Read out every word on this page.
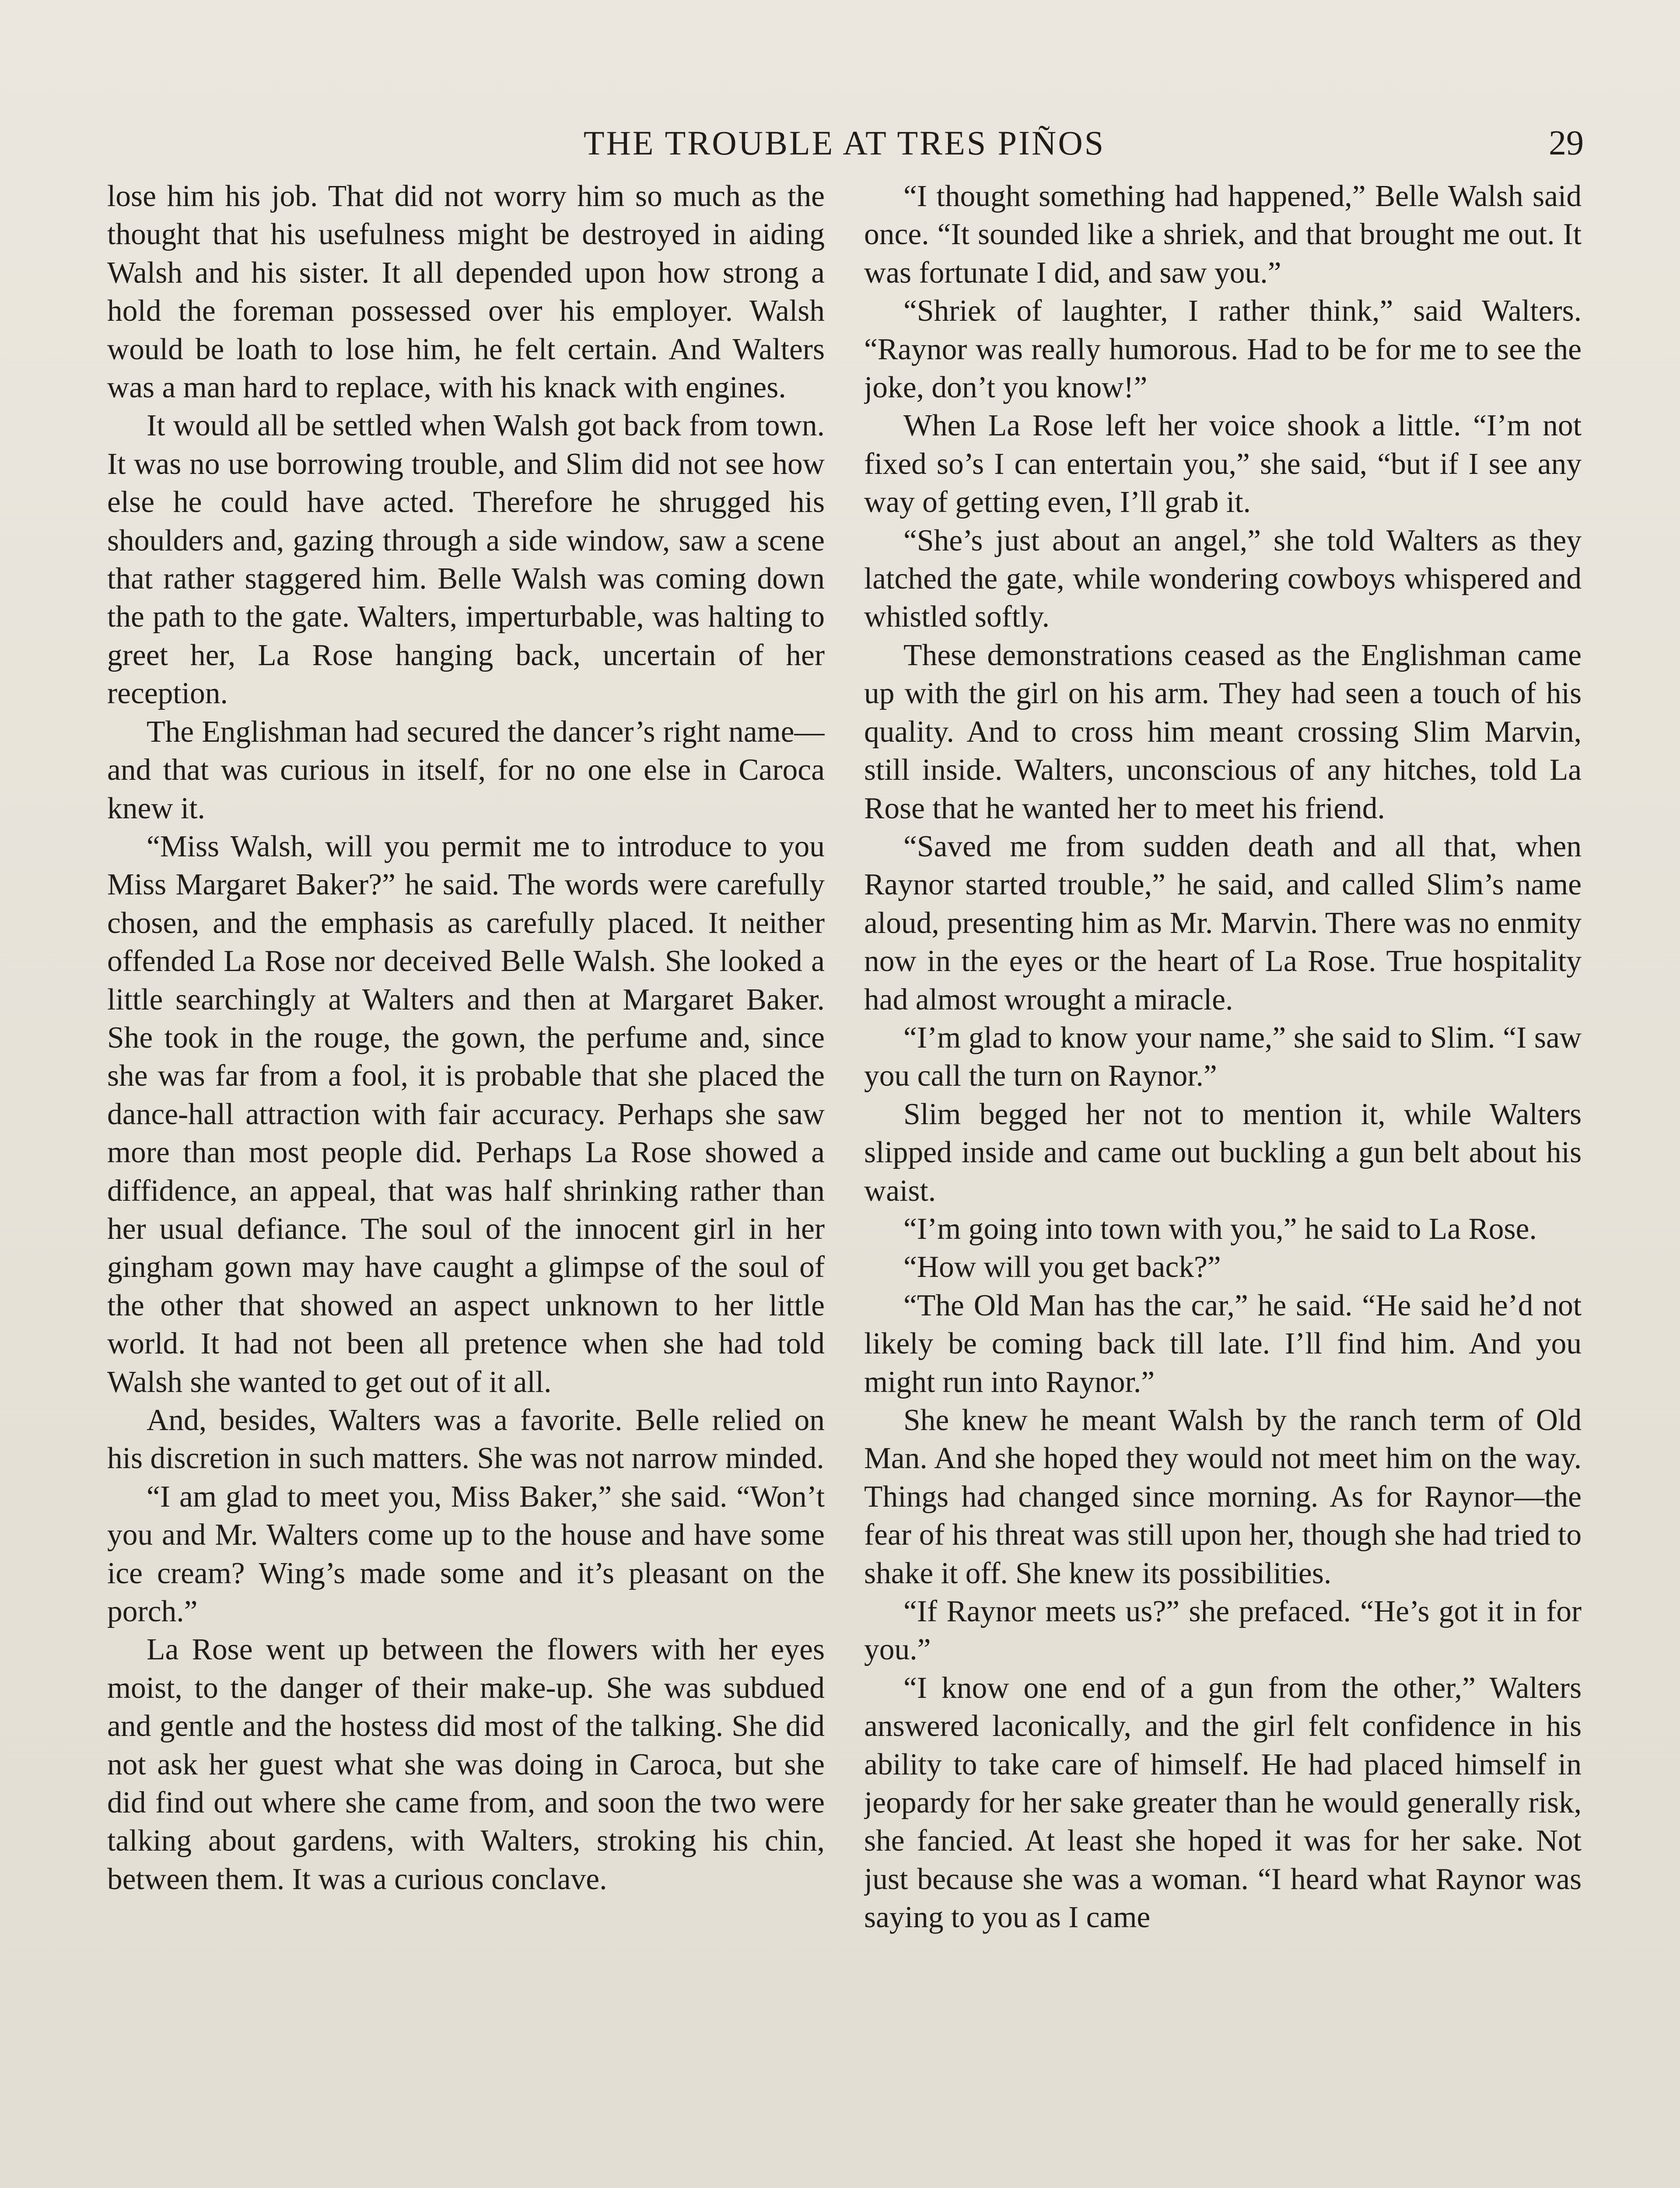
THE TROUBLE AT TRES PIÑOS	29

lose him his job. That did not worry him so much as the thought that his usefulness might be destroyed in aiding Walsh and his sister. It all depended upon how strong a hold the foreman possessed over his employer. Walsh would be loath to lose him, he felt certain. And Walters was a man hard to replace, with his knack with engines.

It would all be settled when Walsh got back from town. It was no use borrowing trouble, and Slim did not see how else he could have acted. Therefore he shrugged his shoulders and, gazing through a side window, saw a scene that rather staggered him. Belle Walsh was coming down the path to the gate. Walters, imperturbable, was halting to greet her, La Rose hanging back, uncertain of her reception.

The Englishman had secured the dancer’s right name—and that was curious in itself, for no one else in Caroca knew it.

“Miss Walsh, will you permit me to introduce to you Miss Margaret Baker?” he said. The words were carefully chosen, and the emphasis as carefully placed. It neither offended La Rose nor deceived Belle Walsh. She looked a little searchingly at Walters and then at Margaret Baker. She took in the rouge, the gown, the perfume and, since she was far from a fool, it is probable that she placed the dance-hall attraction with fair accuracy. Perhaps she saw more than most people did. Perhaps La Rose showed a diffidence, an appeal, that was half shrinking rather than her usual defiance. The soul of the innocent girl in her gingham gown may have caught a glimpse of the soul of the other that showed an aspect unknown to her little world. It had not been all pretence when she had told Walsh she wanted to get out of it all.

And, besides, Walters was a favorite. Belle relied on his discretion in such matters. She was not narrow minded.

“I am glad to meet you, Miss Baker,” she said. “Won’t you and Mr. Walters come up to the house and have some ice cream? Wing’s made some and it’s pleasant on the porch.”

La Rose went up between the flowers with her eyes moist, to the danger of their make-up. She was subdued and gentle and the hostess did most of the talking. She did not ask her guest what she was doing in Caroca, but she did find out where she came from, and soon the two were talking about gardens, with Walters, stroking his chin, between them. It was a curious conclave.

“I thought something had happened,” Belle Walsh said once. “It sounded like a shriek, and that brought me out. It was fortunate I did, and saw you.”

“Shriek of laughter, I rather think,” said Walters. “Raynor was really humorous. Had to be for me to see the joke, don’t you know!”

When La Rose left her voice shook a little. “I’m not fixed so’s I can entertain you,” she said, “but if I see any way of getting even, I’ll grab it.

“She’s just about an angel,” she told Walters as they latched the gate, while wondering cowboys whispered and whistled softly.

These demonstrations ceased as the Englishman came up with the girl on his arm. They had seen a touch of his quality. And to cross him meant crossing Slim Marvin, still inside. Walters, unconscious of any hitches, told La Rose that he wanted her to meet his friend.

“Saved me from sudden death and all that, when Raynor started trouble,” he said, and called Slim’s name aloud, presenting him as Mr. Marvin. There was no enmity now in the eyes or the heart of La Rose. True hospitality had almost wrought a miracle.

“I’m glad to know your name,” she said to Slim. “I saw you call the turn on Raynor.”

Slim begged her not to mention it, while Walters slipped inside and came out buckling a gun belt about his waist.

“I’m going into town with you,” he said to La Rose.

“How will you get back?”

“The Old Man has the car,” he said. “He said he’d not likely be coming back till late. I’ll find him. And you might run into Raynor.”

She knew he meant Walsh by the ranch term of Old Man. And she hoped they would not meet him on the way. Things had changed since morning. As for Raynor—the fear of his threat was still upon her, though she had tried to shake it off. She knew its possibilities.

“If Raynor meets us?” she prefaced. “He’s got it in for you.”

“I know one end of a gun from the other,” Walters answered laconically, and the girl felt confidence in his ability to take care of himself. He had placed himself in jeopardy for her sake greater than he would generally risk, she fancied. At least she hoped it was for her sake. Not just because she was a woman. “I heard what Raynor was saying to you as I came
